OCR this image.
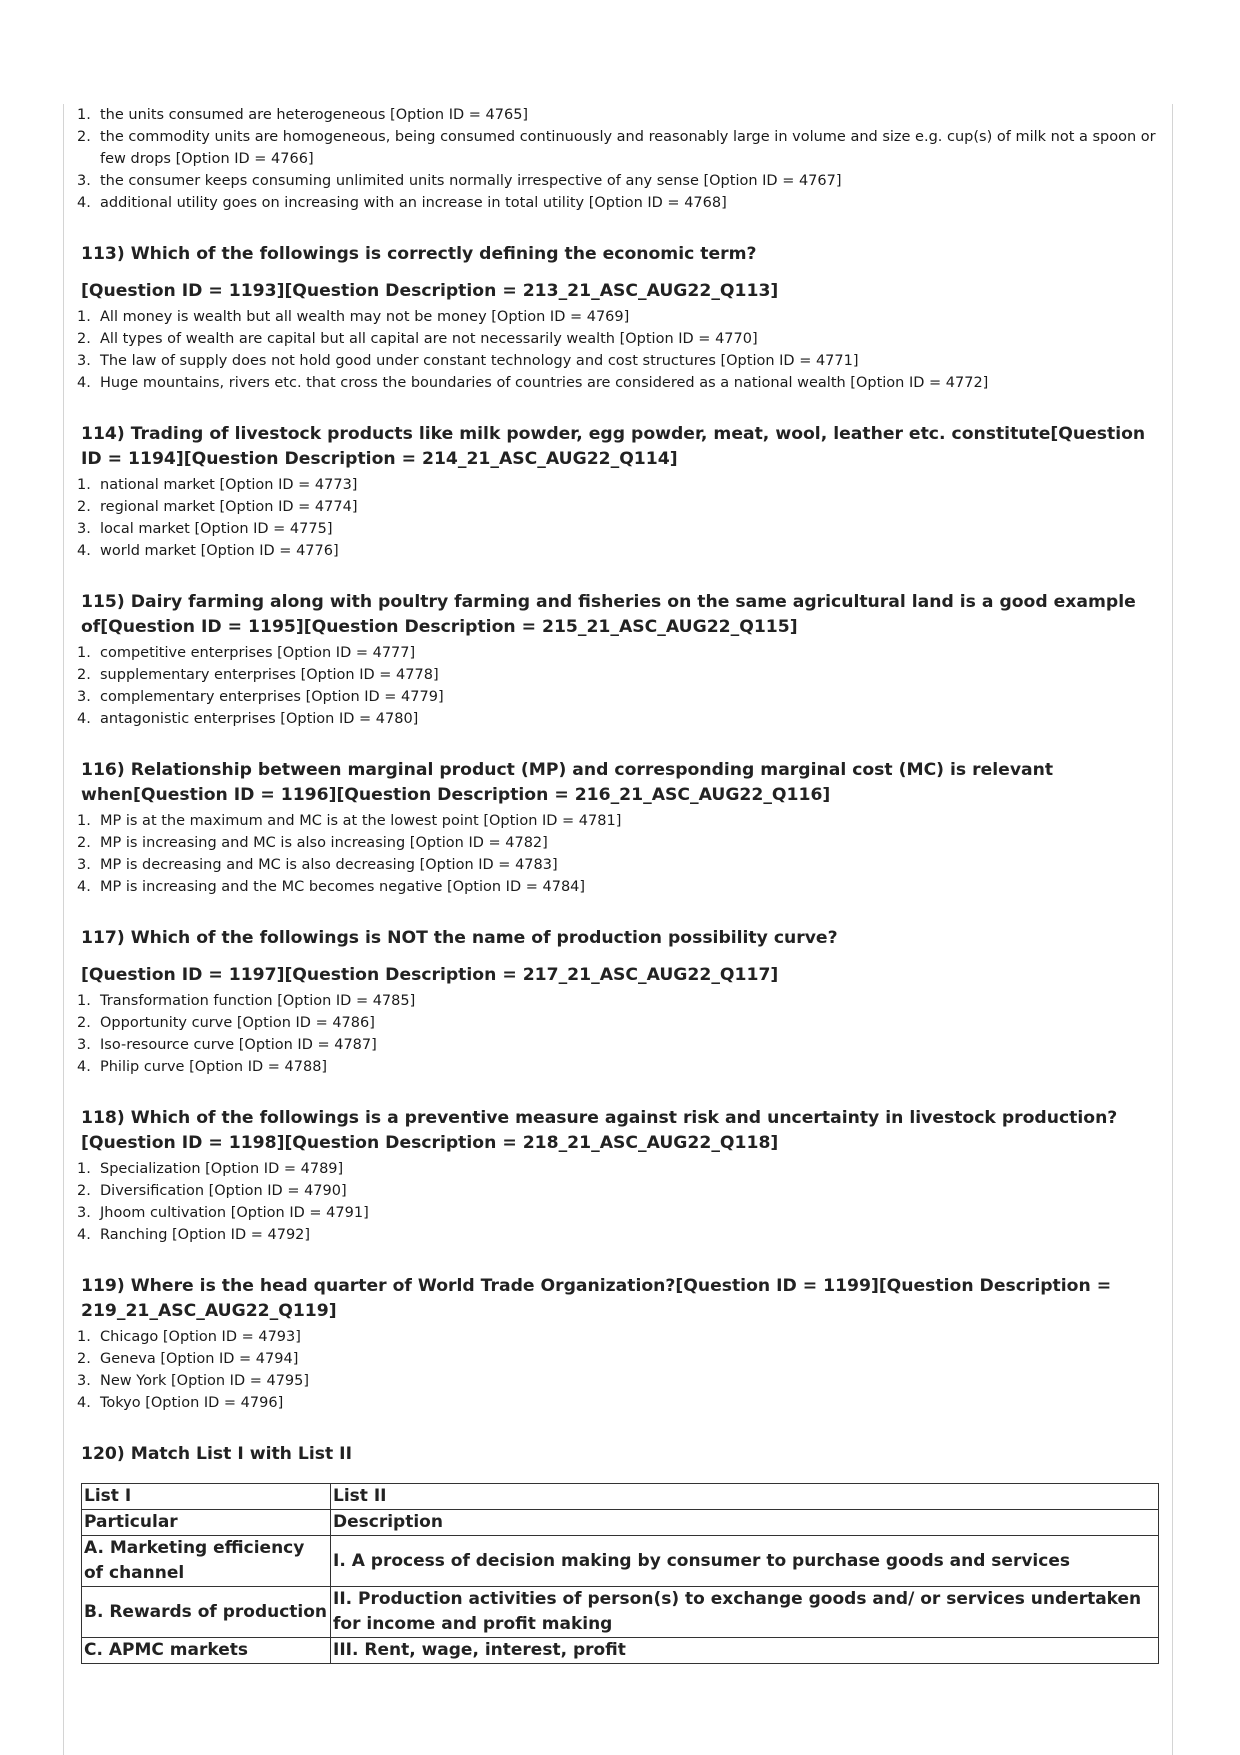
1. the units consumed are heterogeneous [Option ID = 4765]
2. the commodity units are homogeneous, being consumed continuously and reasonably large in volume and size e.g. cup(s) of milk not a spoon or few drops [Option ID = 4766]
3. the consumer keeps consuming unlimited units normally irrespective of any sense [Option ID = 4767]
4. additional utility goes on increasing with an increase in total utility [Option ID = 4768]
113) Which of the followings is correctly defining the economic term?
[Question ID = 1193][Question Description = 213_21_ASC_AUG22_Q113]
1. All money is wealth but all wealth may not be money [Option ID = 4769]
2. All types of wealth are capital but all capital are not necessarily wealth [Option ID = 4770]
3. The law of supply does not hold good under constant technology and cost structures [Option ID = 4771]
4. Huge mountains, rivers etc. that cross the boundaries of countries are considered as a national wealth [Option ID = 4772]
114) Trading of livestock products like milk powder, egg powder, meat, wool, leather etc. constitute[Question ID = 1194][Question Description = 214_21_ASC_AUG22_Q114]
1. national market [Option ID = 4773]
2. regional market [Option ID = 4774]
3. local market [Option ID = 4775]
4. world market [Option ID = 4776]
115) Dairy farming along with poultry farming and fisheries on the same agricultural land is a good example of[Question ID = 1195][Question Description = 215_21_ASC_AUG22_Q115]
1. competitive enterprises [Option ID = 4777]
2. supplementary enterprises [Option ID = 4778]
3. complementary enterprises [Option ID = 4779]
4. antagonistic enterprises [Option ID = 4780]
116) Relationship between marginal product (MP) and corresponding marginal cost (MC) is relevant when[Question ID = 1196][Question Description = 216_21_ASC_AUG22_Q116]
1. MP is at the maximum and MC is at the lowest point [Option ID = 4781]
2. MP is increasing and MC is also increasing [Option ID = 4782]
3. MP is decreasing and MC is also decreasing [Option ID = 4783]
4. MP is increasing and the MC becomes negative [Option ID = 4784]
117) Which of the followings is NOT the name of production possibility curve?
[Question ID = 1197][Question Description = 217_21_ASC_AUG22_Q117]
1. Transformation function [Option ID = 4785]
2. Opportunity curve [Option ID = 4786]
3. Iso-resource curve [Option ID = 4787]
4. Philip curve [Option ID = 4788]
118) Which of the followings is a preventive measure against risk and uncertainty in livestock production?[Question ID = 1198][Question Description = 218_21_ASC_AUG22_Q118]
1. Specialization [Option ID = 4789]
2. Diversification [Option ID = 4790]
3. Jhoom cultivation [Option ID = 4791]
4. Ranching [Option ID = 4792]
119) Where is the head quarter of World Trade Organization?[Question ID = 1199][Question Description = 219_21_ASC_AUG22_Q119]
1. Chicago [Option ID = 4793]
2. Geneva [Option ID = 4794]
3. New York [Option ID = 4795]
4. Tokyo [Option ID = 4796]
120) Match List I with List II
List I	List II
Particular	Description
A. Marketing efficiency of channel	I. A process of decision making by consumer to purchase goods and services
B. Rewards of production	II. Production activities of person(s) to exchange goods and/ or services undertaken for income and profit making
C. APMC markets	III. Rent, wage, interest, profit
